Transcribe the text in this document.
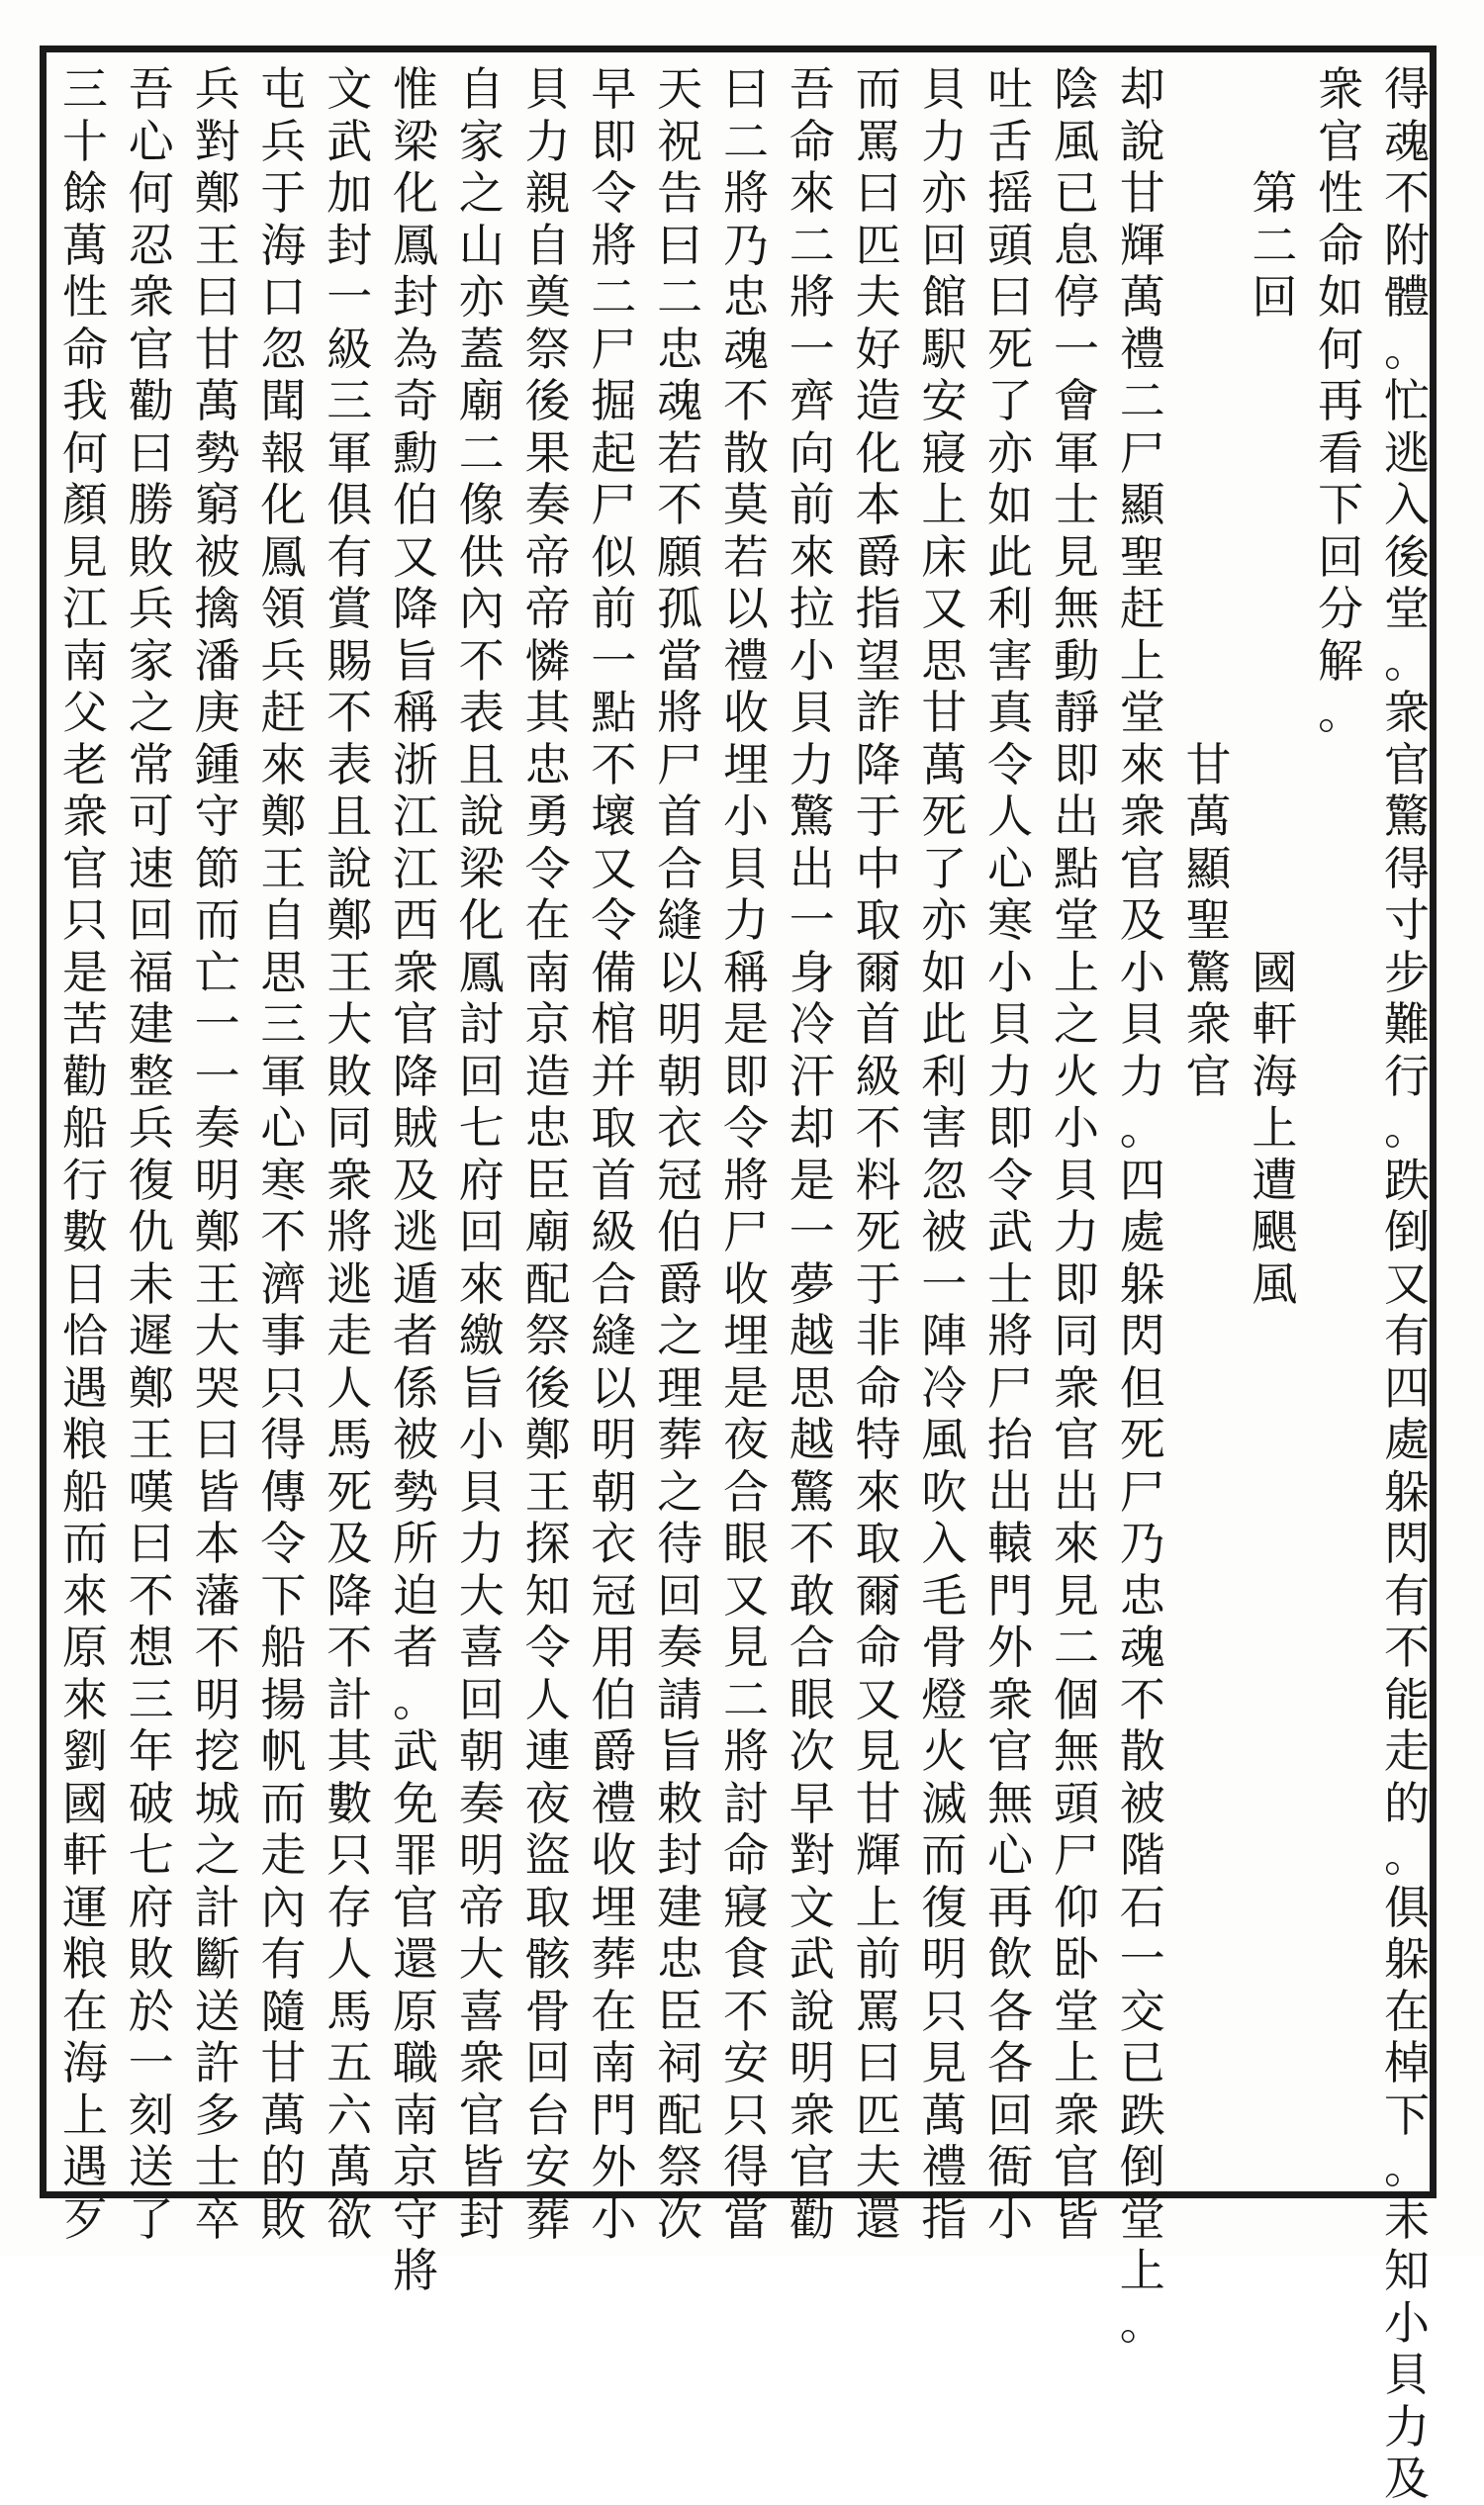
得
魂
不
附
體
。
忙
逃
入
後
堂
。
衆
官
驚
得
寸
步
難
行
。
跌
倒
又
有
四
處
躲
閃
有
不
能
走
的
。
俱
躲
在
棹
下
。
未
知
小
貝
力
及
衆
官
性
命
如
何
再
看
下
回
分
解
。
第
二
回

國
軒
海
上
遭
颶
風

甘
萬
顯
聖
驚
衆
官
却
說
甘
輝
萬
禮
二
尸
顯
聖
赶
上
堂
來
衆
官
及
小
貝
力
。
四
處
躲
閃
但
死
尸
乃
忠
魂
不
散
被
階
石
一
交
已
跌
倒
堂
上
。
陰
風
已
息
停
一
會
軍
士
見
無
動
靜
即
出
點
堂
上
之
火
小
貝
力
即
同
衆
官
出
來
見
二
個
無
頭
尸
仰
卧
堂
上
衆
官
皆
吐
舌
摇
頭
曰
死
了
亦
如
此
利
害
真
令
人
心
寒
小
貝
力
即
令
武
士
將
尸
抬
出
轅
門
外
衆
官
無
心
再
飲
各
各
回
衙
小
貝
力
亦
回
館
駅
安
寢
上
床
又
思
甘
萬
死
了
亦
如
此
利
害
忽
被
一
陣
冷
風
吹
入
毛
骨
燈
火
滅
而
復
明
只
見
萬
禮
指
而
罵
曰
匹
夫
好
造
化
本
爵
指
望
詐
降
于
中
取
爾
首
級
不
料
死
于
非
命
特
來
取
爾
命
又
見
甘
輝
上
前
罵
曰
匹
夫
還
吾
命
來
二
將
一
齊
向
前
來
拉
小
貝
力
驚
出
一
身
冷
汗
却
是
一
夢
越
思
越
驚
不
敢
合
眼
次
早
對
文
武
說
明
衆
官
勸
曰
二
將
乃
忠
魂
不
散
莫
若
以
禮
收
埋
小
貝
力
稱
是
即
令
將
尸
收
埋
是
夜
合
眼
又
見
二
將
討
命
寢
食
不
安
只
得
當
天
祝
告
曰
二
忠
魂
若
不
願
孤
當
將
尸
首
合
縫
以
明
朝
衣
冠
伯
爵
之
理
葬
之
待
回
奏
請
旨
敕
封
建
忠
臣
祠
配
祭
次
早
即
令
將
二
尸
掘
起
尸
似
前
一
點
不
壞
又
令
備
棺
并
取
首
級
合
縫
以
明
朝
衣
冠
用
伯
爵
禮
收
埋
葬
在
南
門
外
小
貝
力
親
自
奠
祭
後
果
奏
帝
帝
憐
其
忠
勇
令
在
南
京
造
忠
臣
廟
配
祭
後
鄭
王
探
知
令
人
連
夜
盜
取
骸
骨
回
台
安
葬
自
家
之
山
亦
蓋
廟
二
像
供
內
不
表
且
說
梁
化
鳳
討
回
七
府
回
來
繳
旨
小
貝
力
大
喜
回
朝
奏
明
帝
大
喜
衆
官
皆
封
惟
梁
化
鳳
封
為
奇
勳
伯
又
降
旨
稱
浙
江
江
西
衆
官
降
賊
及
逃
遁
者
係
被
勢
所
迫
者
。
武
免
罪
官
還
原
職
南
京
守
將
文
武
加
封
一
級
三
軍
俱
有
賞
賜
不
表
且
說
鄭
王
大
敗
同
衆
將
逃
走
人
馬
死
及
降
不
計
其
數
只
存
人
馬
五
六
萬
欲
屯
兵
于
海
口
忽
聞
報
化
鳳
領
兵
赶
來
鄭
王
自
思
三
軍
心
寒
不
濟
事
只
得
傳
令
下
船
揚
帆
而
走
內
有
隨
甘
萬
的
敗
兵
對
鄭
王
曰
甘
萬
勢
窮
被
擒
潘
庚
鍾
守
節
而
亡
一
一
奏
明
鄭
王
大
哭
曰
皆
本
藩
不
明
挖
城
之
計
斷
送
許
多
士
卒
吾
心
何
忍
衆
官
勸
曰
勝
敗
兵
家
之
常
可
速
回
福
建
整
兵
復
仇
未
遲
鄭
王
嘆
曰
不
想
三
年
破
七
府
敗
於
一
刻
送
了
三
十
餘
萬
性
命
我
何
顏
見
江
南
父
老
衆
官
只
是
苦
勸
船
行
數
日
恰
遇
粮
船
而
來
原
來
劉
國
軒
運
粮
在
海
上
遇
歹
